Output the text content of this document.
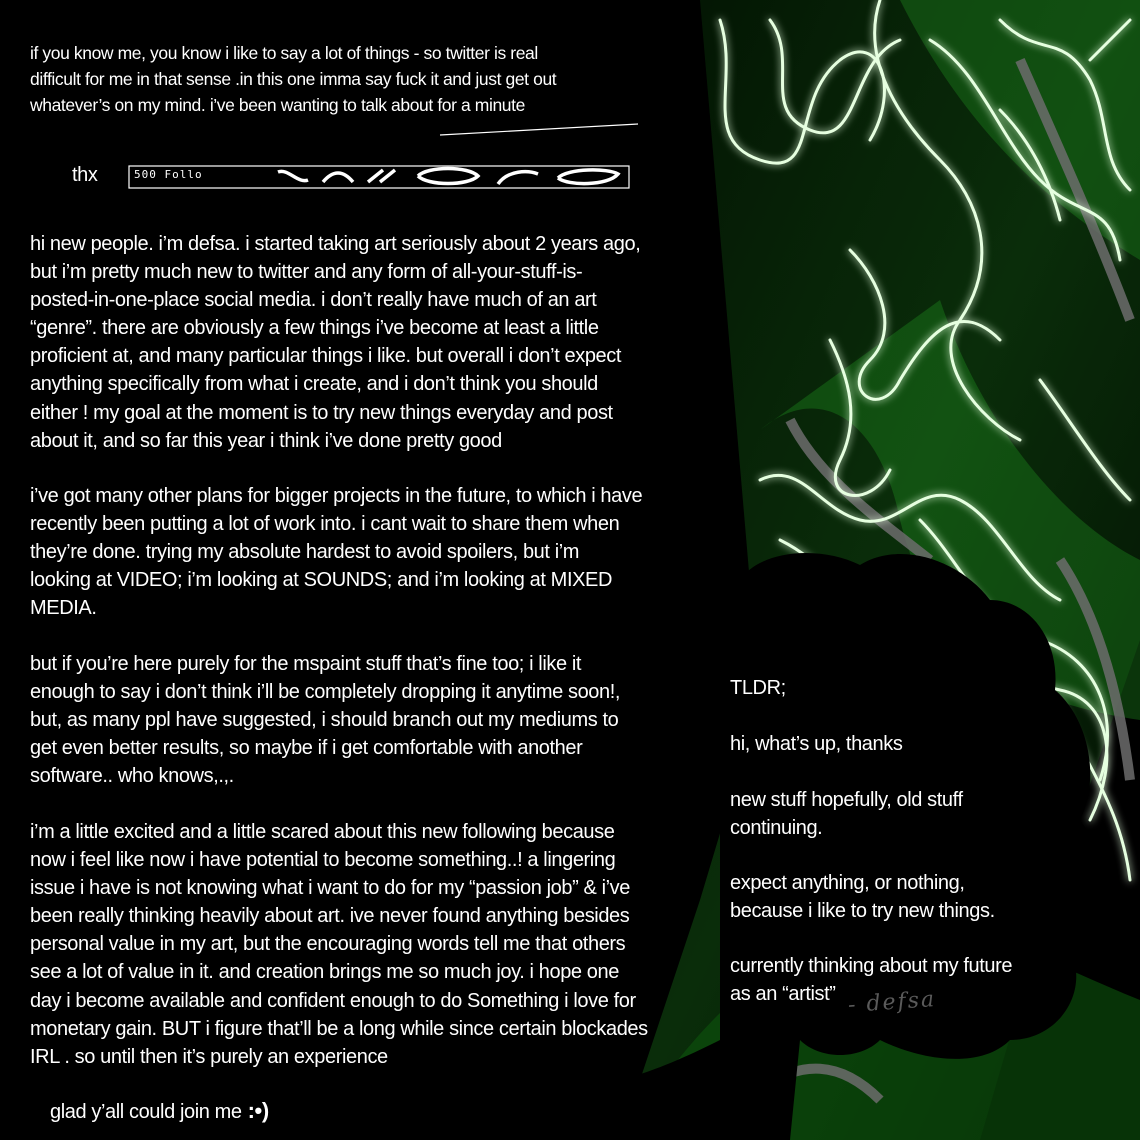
if you know me, you know i like to say a lot of things - so twitter is real
difficult for me in that sense .in this one imma say fuck it and just get out
whatever’s on my mind. i’ve been wanting to talk about for a minute
thx	500 Follo
hi new people. i’m defsa. i started taking art seriously about 2 years ago,
but i’m pretty much new to twitter and any form of all-your-stuff-is-
posted-in-one-place social media. i don’t really have much of an art
“genre”. there are obviously a few things i’ve become at least a little
proficient at, and many particular things i like. but overall i don’t expect
anything specifically from what i create, and i don’t think you should
either ! my goal at the moment is to try new things everyday and post
about it, and so far this year i think i’ve done pretty good
i’ve got many other plans for bigger projects in the future, to which i have
recently been putting a lot of work into. i cant wait to share them when
they’re done. trying my absolute hardest to avoid spoilers, but i’m
looking at VIDEO; i’m looking at SOUNDS; and i’m looking at MIXED
MEDIA.
but if you’re here purely for the mspaint stuff that’s fine too; i like it
enough to say i don’t think i’ll be completely dropping it anytime soon!,
but, as many ppl have suggested, i should branch out my mediums to
get even better results, so maybe if i get comfortable with another
software.. who knows,.,.
i’m a little excited and a little scared about this new following because
now i feel like now i have potential to become something..! a lingering
issue i have is not knowing what i want to do for my “passion job” & i’ve
been really thinking heavily about art. ive never found anything besides
personal value in my art, but the encouraging words tell me that others
see a lot of value in it. and creation brings me so much joy. i hope one
day i become available and confident enough to do Something i love for
monetary gain. BUT i figure that’ll be a long while since certain blockades
IRL . so until then it’s purely an experience
glad y’all could join me :•)
TLDR;
hi, what’s up, thanks
new stuff hopefully, old stuff
continuing.
expect anything, or nothing,
because i like to try new things.
currently thinking about my future
as an “artist” - defsa
